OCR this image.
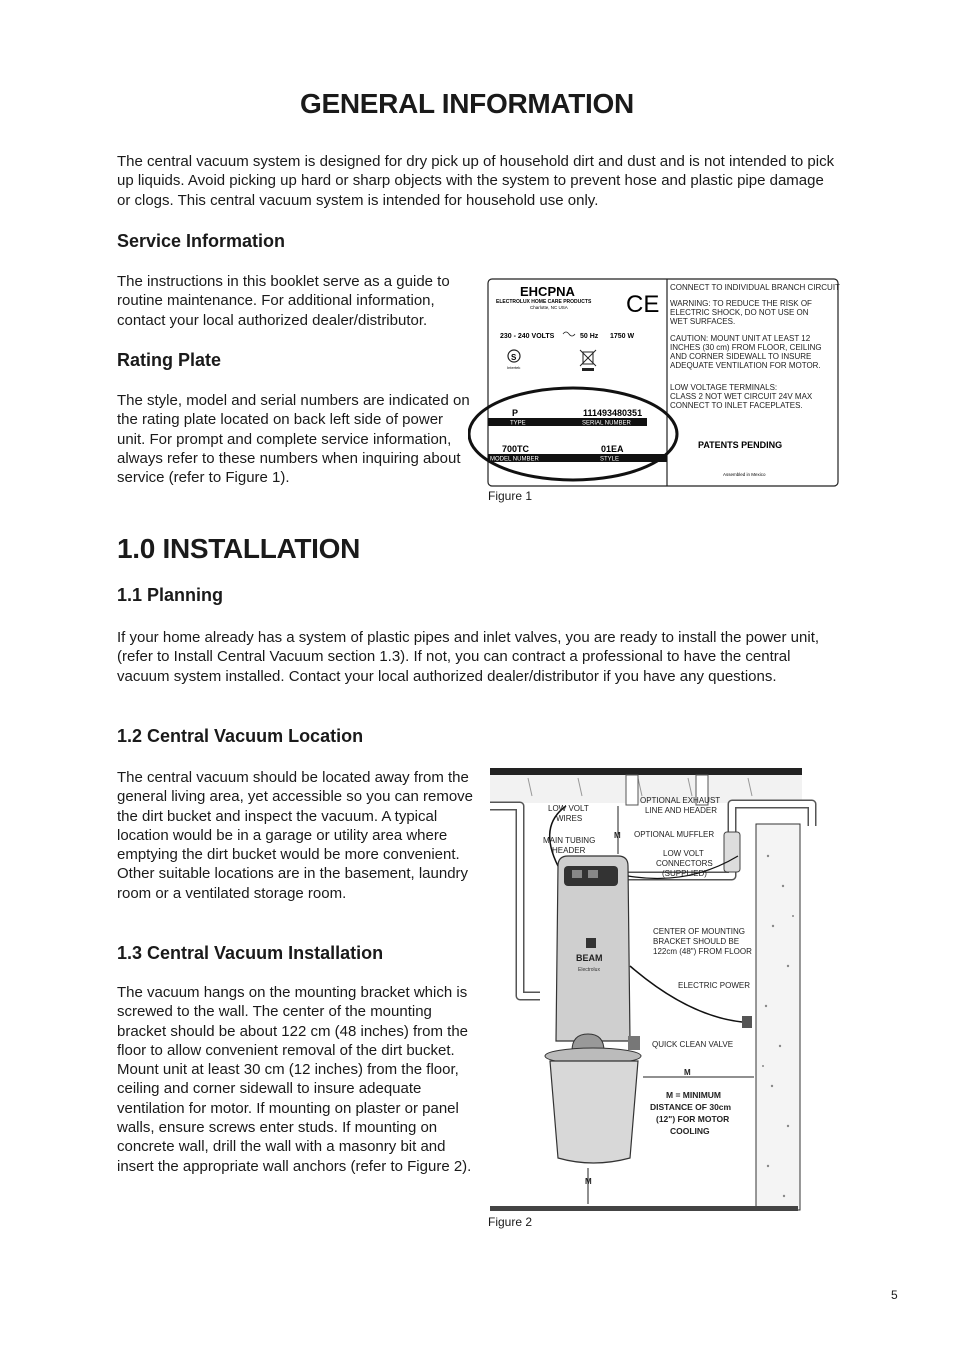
GENERAL INFORMATION
The central vacuum system is designed for dry pick up of household dirt and dust and is not intended to pick up liquids. Avoid picking up hard or sharp objects with the system to prevent hose and plastic pipe damage or clogs. This central vacuum system is intended for household use only.
Service Information
The instructions in this booklet serve as a guide to routine maintenance. For additional information, contact your local authorized dealer/distributor.
Rating Plate
The style, model and serial numbers are indicated on the rating plate located on back left side of power unit. For prompt and complete service information, always refer to these numbers when inquiring about service (refer to Figure 1).
EHCPNA
ELECTROLUX HOME CARE PRODUCTS
Charlotte, NC USA CE
230 - 240 VOLTS	50 Hz 1750 W
S
Intertek
P	111493480351
TYPE	SERIAL NUMBER
700TC	01EA
MODEL NUMBER	STYLE
CONNECT TO INDIVIDUAL BRANCH CIRCUIT
WARNING: TO REDUCE THE RISK OF
ELECTRIC SHOCK, DO NOT USE ON
WET SURFACES.
CAUTION: MOUNT UNIT AT LEAST 12
INCHES (30 cm) FROM FLOOR, CEILING
AND CORNER SIDEWALL TO INSURE
ADEQUATE VENTILATION FOR MOTOR.
LOW VOLTAGE TERMINALS:
CLASS 2 NOT WET CIRCUIT 24V MAX
CONNECT TO INLET FACEPLATES.
PATENTS PENDING
Assembled in Mexico
Figure 1
1.0 INSTALLATION
1.1 Planning
If your home already has a system of plastic pipes and inlet valves, you are ready to install the power unit, (refer to Install Central Vacuum section 1.3). If not, you can contract a professional to have the central vacuum system installed. Contact your local authorized dealer/distributor if you have any questions.
1.2 Central Vacuum Location
The central vacuum should be located away from the general living area, yet accessible so you can remove the dirt bucket and inspect the vacuum. A typical location would be in a garage or utility area where emptying the dirt bucket would be more convenient. Other suitable locations are in the basement, laundry room or a ventilated storage room.
1.3 Central Vacuum Installation
The vacuum hangs on the mounting bracket which is screwed to the wall. The center of the mounting bracket should be about 122 cm (48 inches) from the floor to allow convenient removal of the dirt bucket. Mount unit at least 30 cm (12 inches) from the floor, ceiling and corner sidewall to insure adequate ventilation for motor. If mounting on plaster or panel walls, ensure screws enter studs. If mounting on concrete wall, drill the wall with a masonry bit and insert the appropriate wall anchors (refer to Figure 2).
BEAM
Electrolux
M
M
M
LOW VOLT
WIRES
MAIN TUBING
HEADER
OPTIONAL EXHAUST
LINE AND HEADER
OPTIONAL MUFFLER
LOW VOLT
CONNECTORS
(SUPPLIED)
CENTER OF MOUNTING
BRACKET SHOULD BE
122cm (48") FROM FLOOR
ELECTRIC POWER
QUICK CLEAN VALVE
M = MINIMUM
DISTANCE OF 30cm
(12") FOR MOTOR
COOLING
Figure 2
5
